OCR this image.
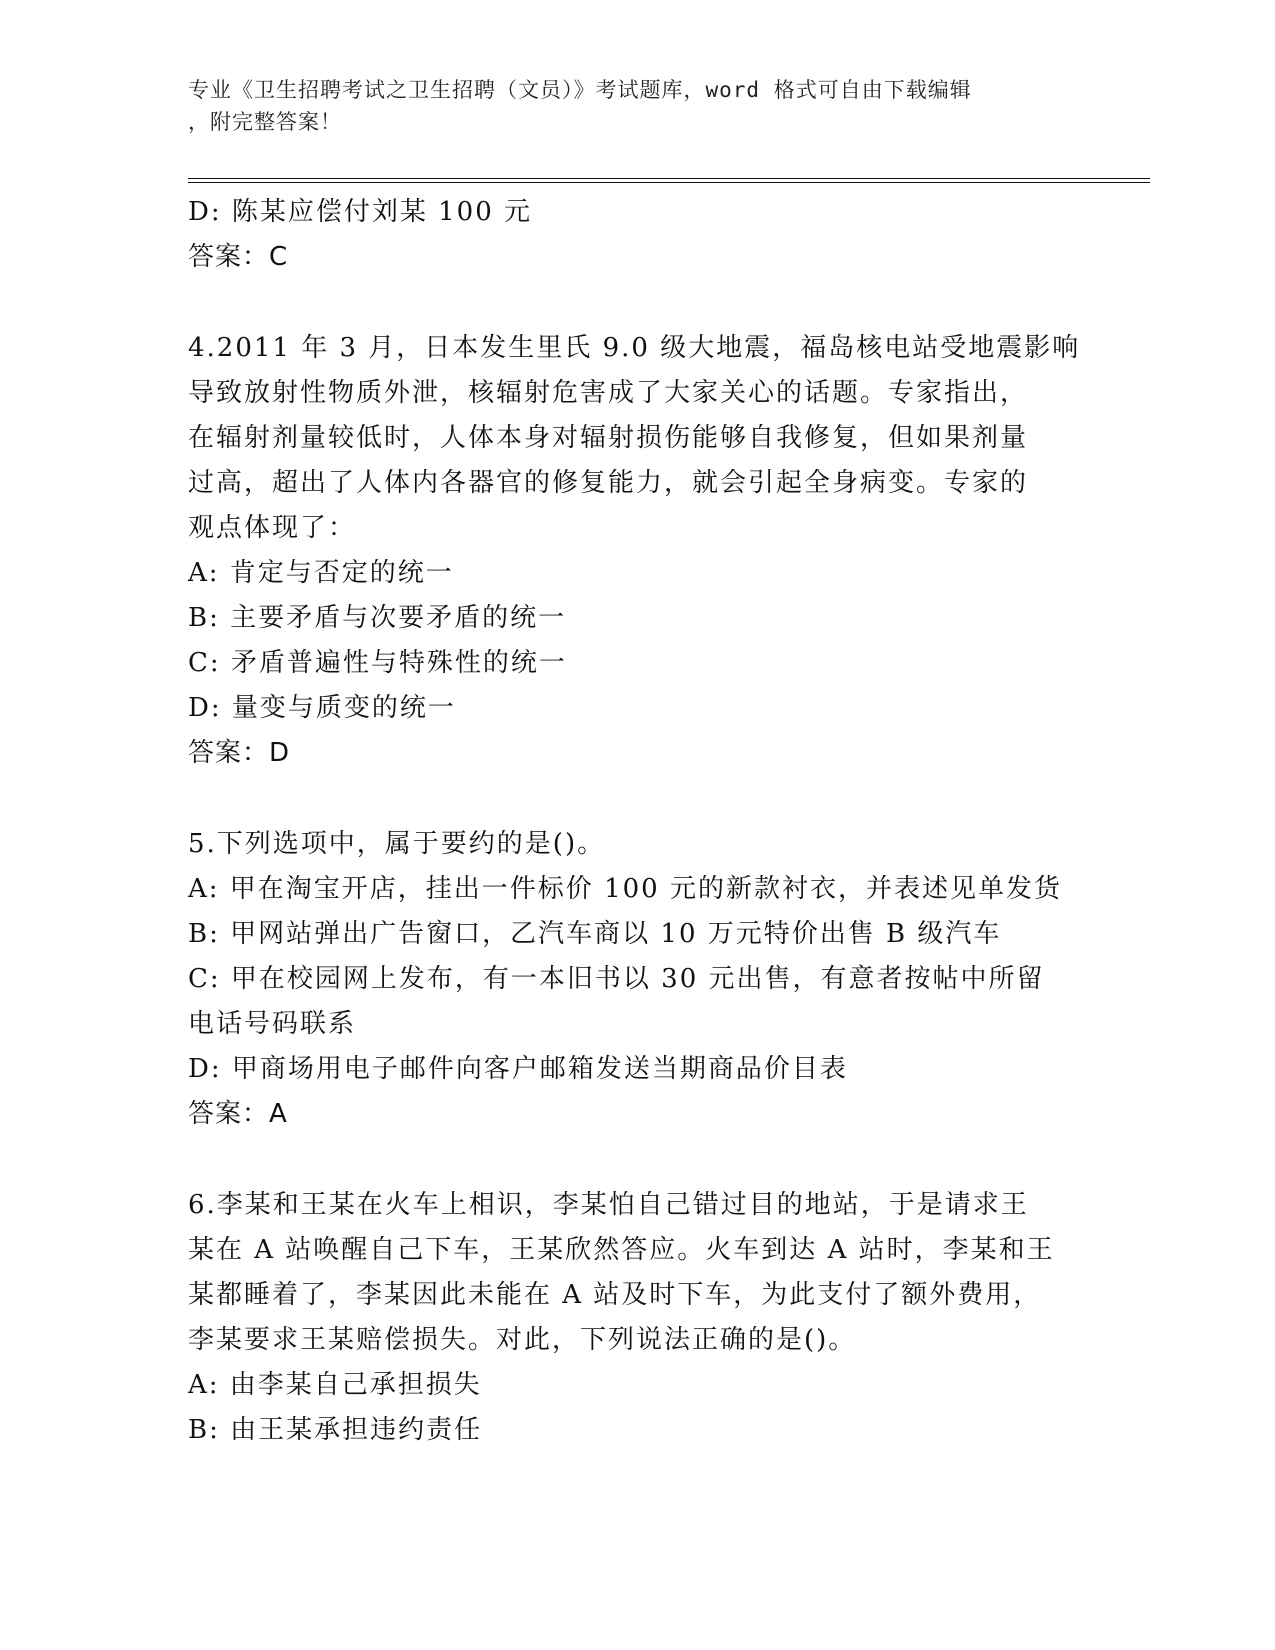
专业《卫生招聘考试之卫生招聘（文员）》考试题库，word 格式可自由下载编辑
，附完整答案！
D: 陈某应偿付刘某 100 元
答案：C
4.2011 年 3 月，日本发生里氏 9.0 级大地震，福岛核电站受地震影响
导致放射性物质外泄，核辐射危害成了大家关心的话题。专家指出，
在辐射剂量较低时，人体本身对辐射损伤能够自我修复，但如果剂量
过高，超出了人体内各器官的修复能力，就会引起全身病变。专家的
观点体现了：
A: 肯定与否定的统一
B: 主要矛盾与次要矛盾的统一
C: 矛盾普遍性与特殊性的统一
D: 量变与质变的统一
答案：D
5.下列选项中，属于要约的是()。
A: 甲在淘宝开店，挂出一件标价 100 元的新款衬衣，并表述见单发货
B: 甲网站弹出广告窗口，乙汽车商以 10 万元特价出售 B 级汽车
C: 甲在校园网上发布，有一本旧书以 30 元出售，有意者按帖中所留
电话号码联系
D: 甲商场用电子邮件向客户邮箱发送当期商品价目表
答案：A
6.李某和王某在火车上相识，李某怕自己错过目的地站，于是请求王
某在 A 站唤醒自己下车，王某欣然答应。火车到达 A 站时，李某和王
某都睡着了，李某因此未能在 A 站及时下车，为此支付了额外费用，
李某要求王某赔偿损失。对此，下列说法正确的是()。
A: 由李某自己承担损失
B: 由王某承担违约责任
